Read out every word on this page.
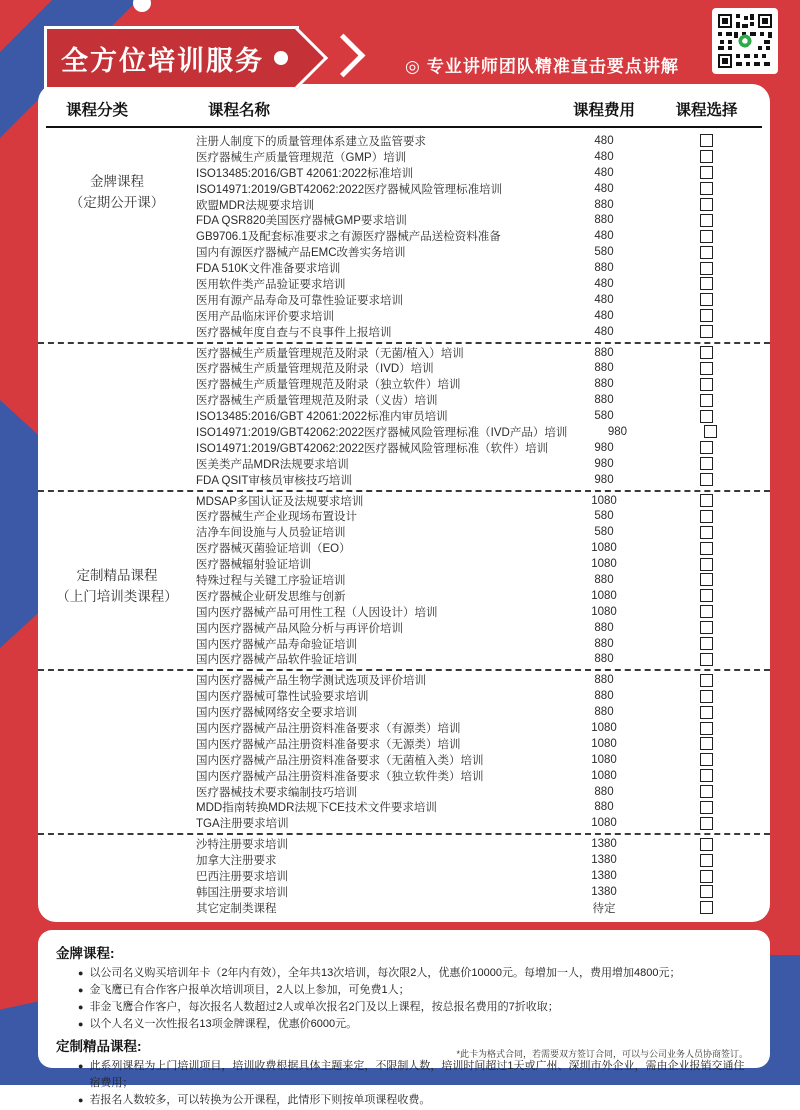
全方位培训服务	◎ 专业讲师团队精准直击要点讲解
课程分类	课程名称	课程费用	课程选择
注册人制度下的质量管理体系建立及监管要求	480
医疗器械生产质量管理规范（GMP）培训	480
ISO13485:2016/GBT 42061:2022标准培训	480
ISO14971:2019/GBT42062:2022医疗器械风险管理标准培训	480
欧盟MDR法规要求培训	880
FDA QSR820美国医疗器械GMP要求培训	880
GB9706.1及配套标准要求之有源医疗器械产品送检资料准备	480
国内有源医疗器械产品EMC改善实务培训	580
FDA 510K文件准备要求培训	880
医用软件类产品验证要求培训	480
医用有源产品寿命及可靠性验证要求培训	480
医用产品临床评价要求培训	480
医疗器械年度自查与不良事件上报培训	480
金牌课程
（定期公开课）
医疗器械生产质量管理规范及附录（无菌/植入）培训	880
医疗器械生产质量管理规范及附录（IVD）培训	880
医疗器械生产质量管理规范及附录（独立软件）培训	880
医疗器械生产质量管理规范及附录（义齿）培训	880
ISO13485:2016/GBT 42061:2022标准内审员培训	580
ISO14971:2019/GBT42062:2022医疗器械风险管理标准（IVD产品）培训	980
ISO14971:2019/GBT42062:2022医疗器械风险管理标准（软件）培训	980
医美类产品MDR法规要求培训	980
FDA QSIT审核员审核技巧培训	980
MDSAP多国认证及法规要求培训	1080
医疗器械生产企业现场布置设计	580
洁净车间设施与人员验证培训	580
医疗器械灭菌验证培训（EO）	1080
医疗器械辐射验证培训	1080
特殊过程与关键工序验证培训	880
医疗器械企业研发思维与创新	1080
国内医疗器械产品可用性工程（人因设计）培训	1080
国内医疗器械产品风险分析与再评价培训	880
国内医疗器械产品寿命验证培训	880
国内医疗器械产品软件验证培训	880
国内医疗器械产品生物学测试选项及评价培训	880
国内医疗器械可靠性试验要求培训	880
国内医疗器械网络安全要求培训	880
国内医疗器械产品注册资料准备要求（有源类）培训	1080
国内医疗器械产品注册资料准备要求（无源类）培训	1080
国内医疗器械产品注册资料准备要求（无菌植入类）培训	1080
国内医疗器械产品注册资料准备要求（独立软件类）培训	1080
医疗器械技术要求编制技巧培训	880
MDD指南转换MDR法规下CE技术文件要求培训	880
TGA注册要求培训	1080
沙特注册要求培训	1380
加拿大注册要求	1380
巴西注册要求培训	1380
韩国注册要求培训	1380
其它定制类课程	待定
定制精品课程
（上门培训类课程）
金牌课程:
● 以公司名义购买培训年卡（2年内有效），全年共13次培训，每次限2人，优惠价10000元。每增加一人，费用增加4800元；
● 金飞鹰已有合作客户报单次培训项目，2人以上参加，可免费1人；
● 非金飞鹰合作客户，每次报名人数超过2人或单次报名2门及以上课程，按总报名费用的7折收取；
● 以个人名义一次性报名13项金牌课程，优惠价6000元。
定制精品课程:
● 此系列课程为上门培训项目，培训收费根据具体主题来定，不限制人数，培训时间超过1天或广州、深圳市外企业，需由企业报销交通住宿费用；
● 若报名人数较多，可以转换为公开课程，此情形下则按单项课程收费。
*此卡为格式合同，若需要双方签订合同，可以与公司业务人员协商签订。
